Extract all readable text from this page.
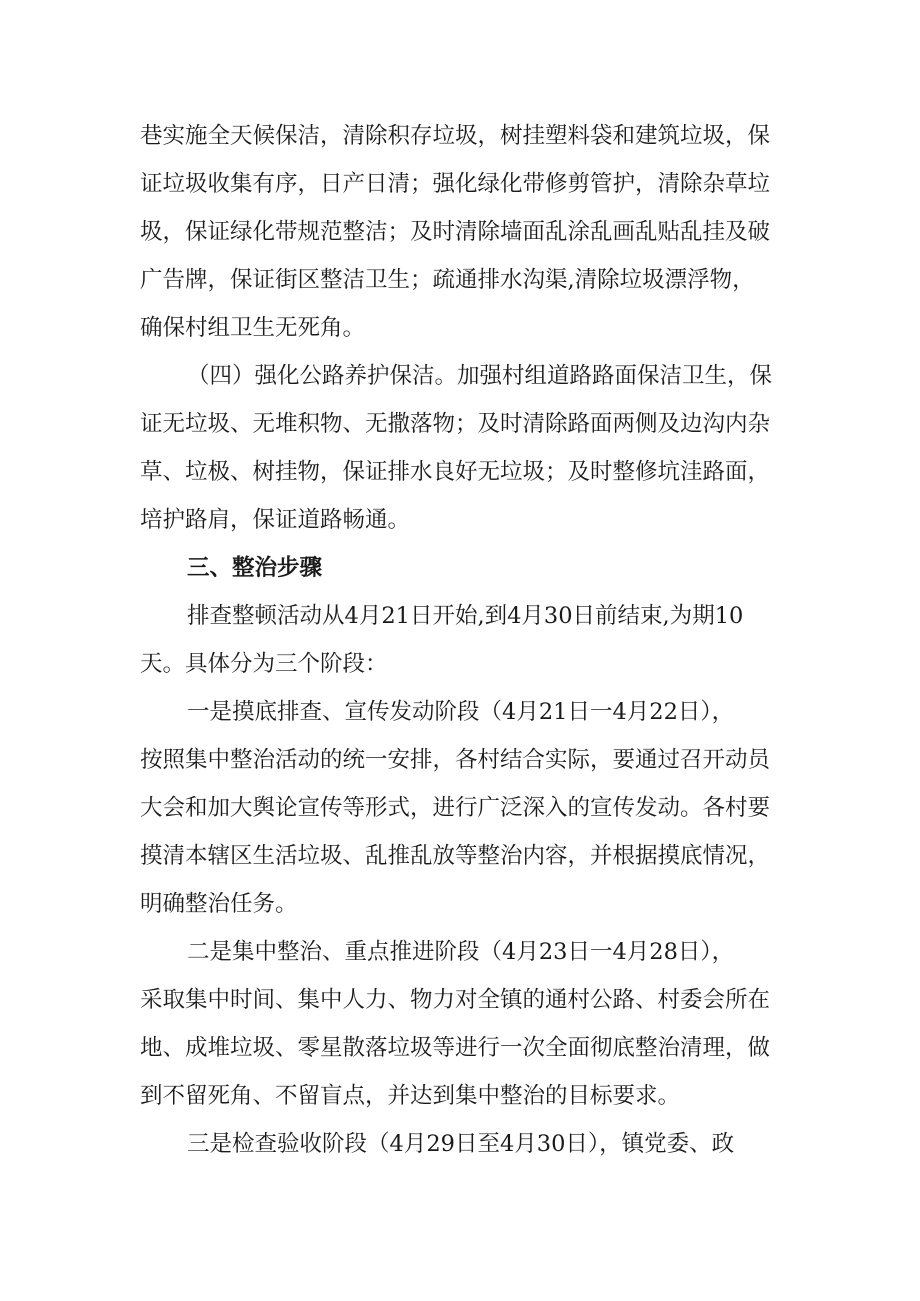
巷实施全天候保洁，清除积存垃圾，树挂塑料袋和建筑垃圾，保
证垃圾收集有序，日产日清；强化绿化带修剪管护，清除杂草垃
圾，保证绿化带规范整洁；及时清除墙面乱涂乱画乱贴乱挂及破
广告牌，保证街区整洁卫生；疏通排水沟渠,清除垃圾漂浮物，
确保村组卫生无死角。
（四）强化公路养护保洁。加强村组道路路面保洁卫生，保
证无垃圾、无堆积物、无撒落物；及时清除路面两侧及边沟内杂
草、垃极、树挂物，保证排水良好无垃圾；及时整修坑洼路面，
培护路肩，保证道路畅通。
三、整治步骤
排查整顿活动从4月21日开始,到4月30日前结束,为期10
天。具体分为三个阶段：
一是摸底排查、宣传发动阶段（4月21日一4月22日），
按照集中整治活动的统一安排，各村结合实际，要通过召开动员
大会和加大舆论宣传等形式，进行广泛深入的宣传发动。各村要
摸清本辖区生活垃圾、乱推乱放等整治内容，并根据摸底情况，
明确整治任务。
二是集中整治、重点推进阶段（4月23日一4月28日），
采取集中时间、集中人力、物力对全镇的通村公路、村委会所在
地、成堆垃圾、零星散落垃圾等进行一次全面彻底整治清理，做
到不留死角、不留盲点，并达到集中整治的目标要求。
三是检查验收阶段（4月29日至4月30日），镇党委、政
